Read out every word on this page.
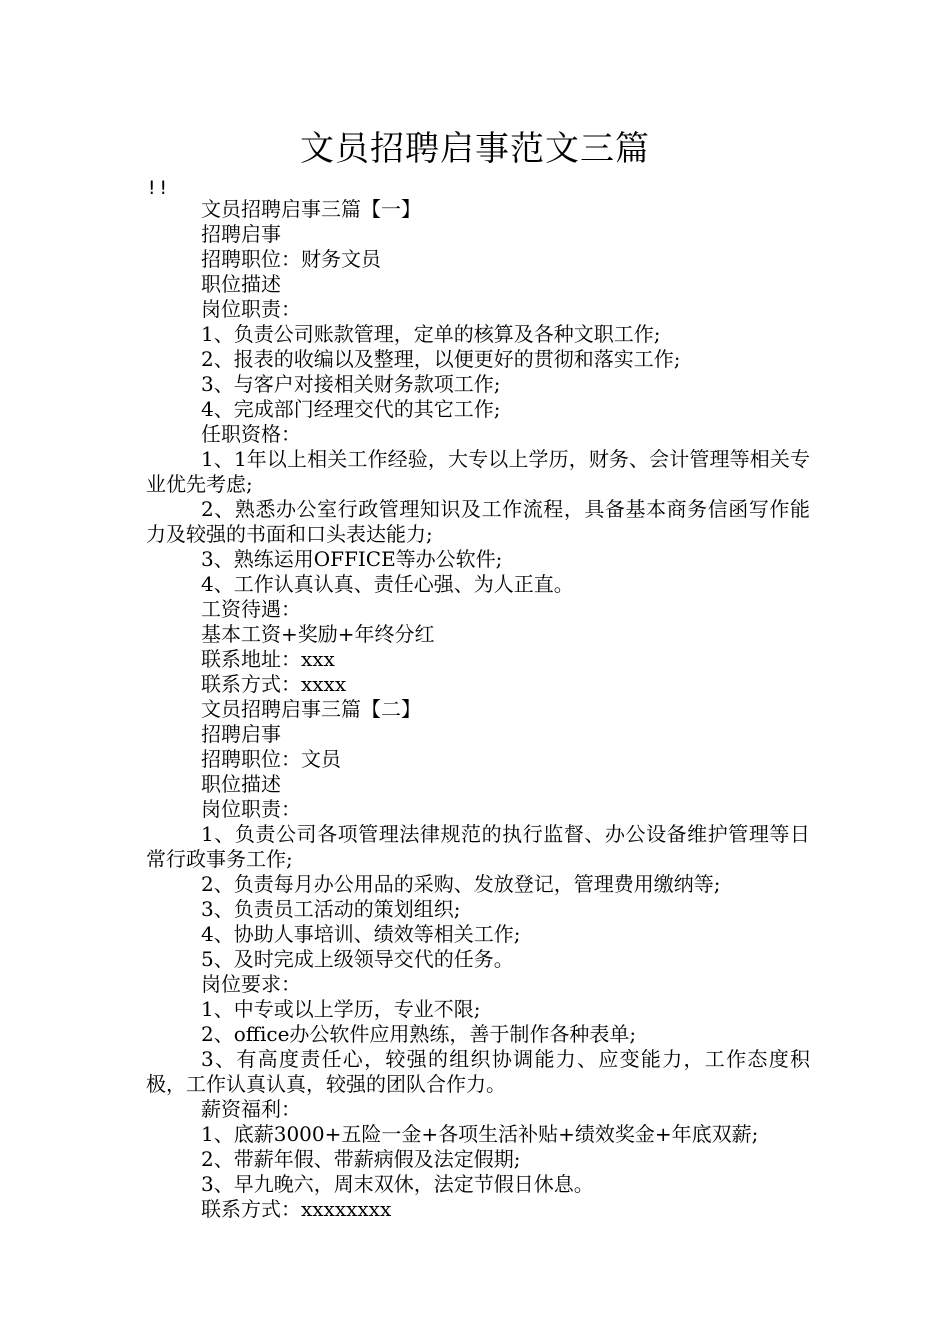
文员招聘启事范文三篇
!!
文员招聘启事三篇【一】
招聘启事
招聘职位：财务文员
职位描述
岗位职责：
1、负责公司账款管理，定单的核算及各种文职工作;
2、报表的收编以及整理，以便更好的贯彻和落实工作;
3、与客户对接相关财务款项工作;
4、完成部门经理交代的其它工作;
任职资格：
1、1年以上相关工作经验，大专以上学历，财务、会计管理等相关专业优先考虑;
2、熟悉办公室行政管理知识及工作流程，具备基本商务信函写作能力及较强的书面和口头表达能力;
3、熟练运用OFFICE等办公软件;
4、工作认真认真、责任心强、为人正直。
工资待遇：
基本工资+奖励+年终分红
联系地址：xxx
联系方式：xxxx
文员招聘启事三篇【二】
招聘启事
招聘职位：文员
职位描述
岗位职责：
1、负责公司各项管理法律规范的执行监督、办公设备维护管理等日常行政事务工作;
2、负责每月办公用品的采购、发放登记，管理费用缴纳等;
3、负责员工活动的策划组织;
4、协助人事培训、绩效等相关工作;
5、及时完成上级领导交代的任务。
岗位要求：
1、中专或以上学历，专业不限;
2、office办公软件应用熟练，善于制作各种表单;
3、有高度责任心，较强的组织协调能力、应变能力，工作态度积极，工作认真认真，较强的团队合作力。
薪资福利：
1、底薪3000+五险一金+各项生活补贴+绩效奖金+年底双薪;
2、带薪年假、带薪病假及法定假期;
3、早九晚六，周末双休，法定节假日休息。
联系方式：xxxxxxxx
